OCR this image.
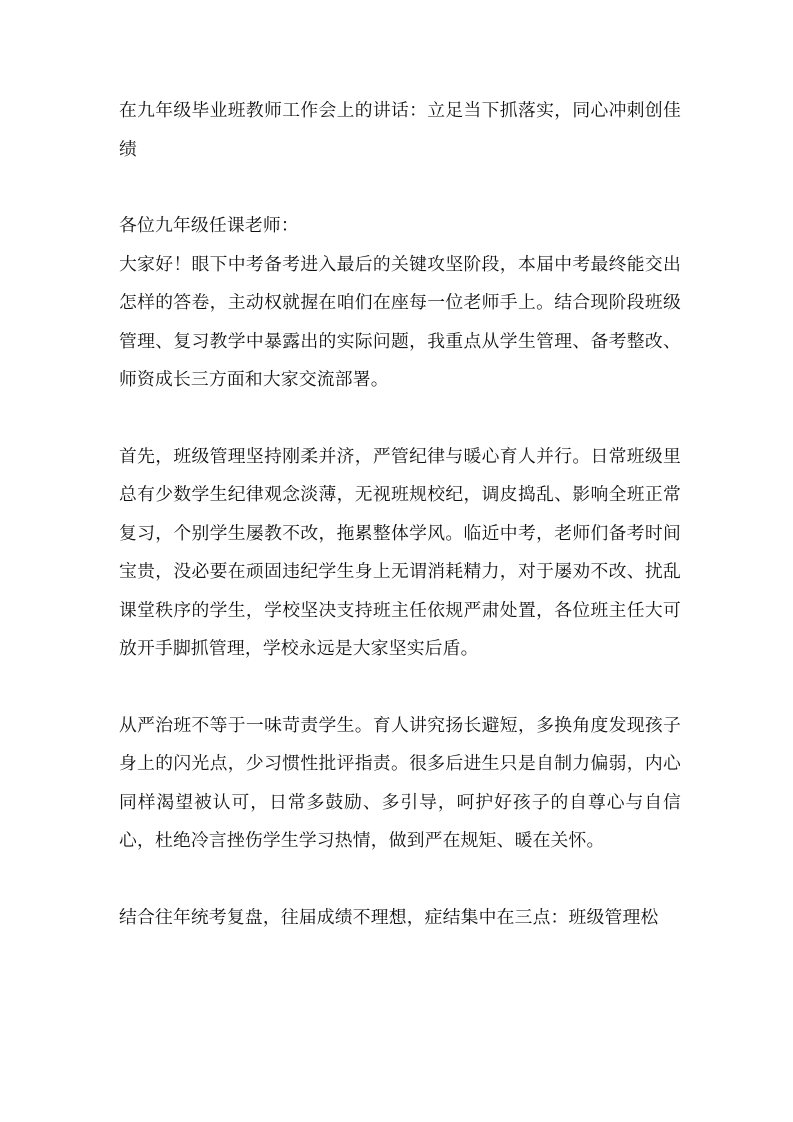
在九年级毕业班教师工作会上的讲话：立足当下抓落实，同心冲刺创佳绩

各位九年级任课老师：

大家好！眼下中考备考进入最后的关键攻坚阶段，本届中考最终能交出怎样的答卷，主动权就握在咱们在座每一位老师手上。结合现阶段班级管理、复习教学中暴露出的实际问题，我重点从学生管理、备考整改、师资成长三方面和大家交流部署。

首先，班级管理坚持刚柔并济，严管纪律与暖心育人并行。日常班级里总有少数学生纪律观念淡薄，无视班规校纪，调皮捣乱、影响全班正常复习，个别学生屡教不改，拖累整体学风。临近中考，老师们备考时间宝贵，没必要在顽固违纪学生身上无谓消耗精力，对于屡劝不改、扰乱课堂秩序的学生，学校坚决支持班主任依规严肃处置，各位班主任大可放开手脚抓管理，学校永远是大家坚实后盾。

从严治班不等于一味苛责学生。育人讲究扬长避短，多换角度发现孩子身上的闪光点，少习惯性批评指责。很多后进生只是自制力偏弱，内心同样渴望被认可，日常多鼓励、多引导，呵护好孩子的自尊心与自信心，杜绝冷言挫伤学生学习热情，做到严在规矩、暖在关怀。

结合往年统考复盘，往届成绩不理想，症结集中在三点：班级管理松
